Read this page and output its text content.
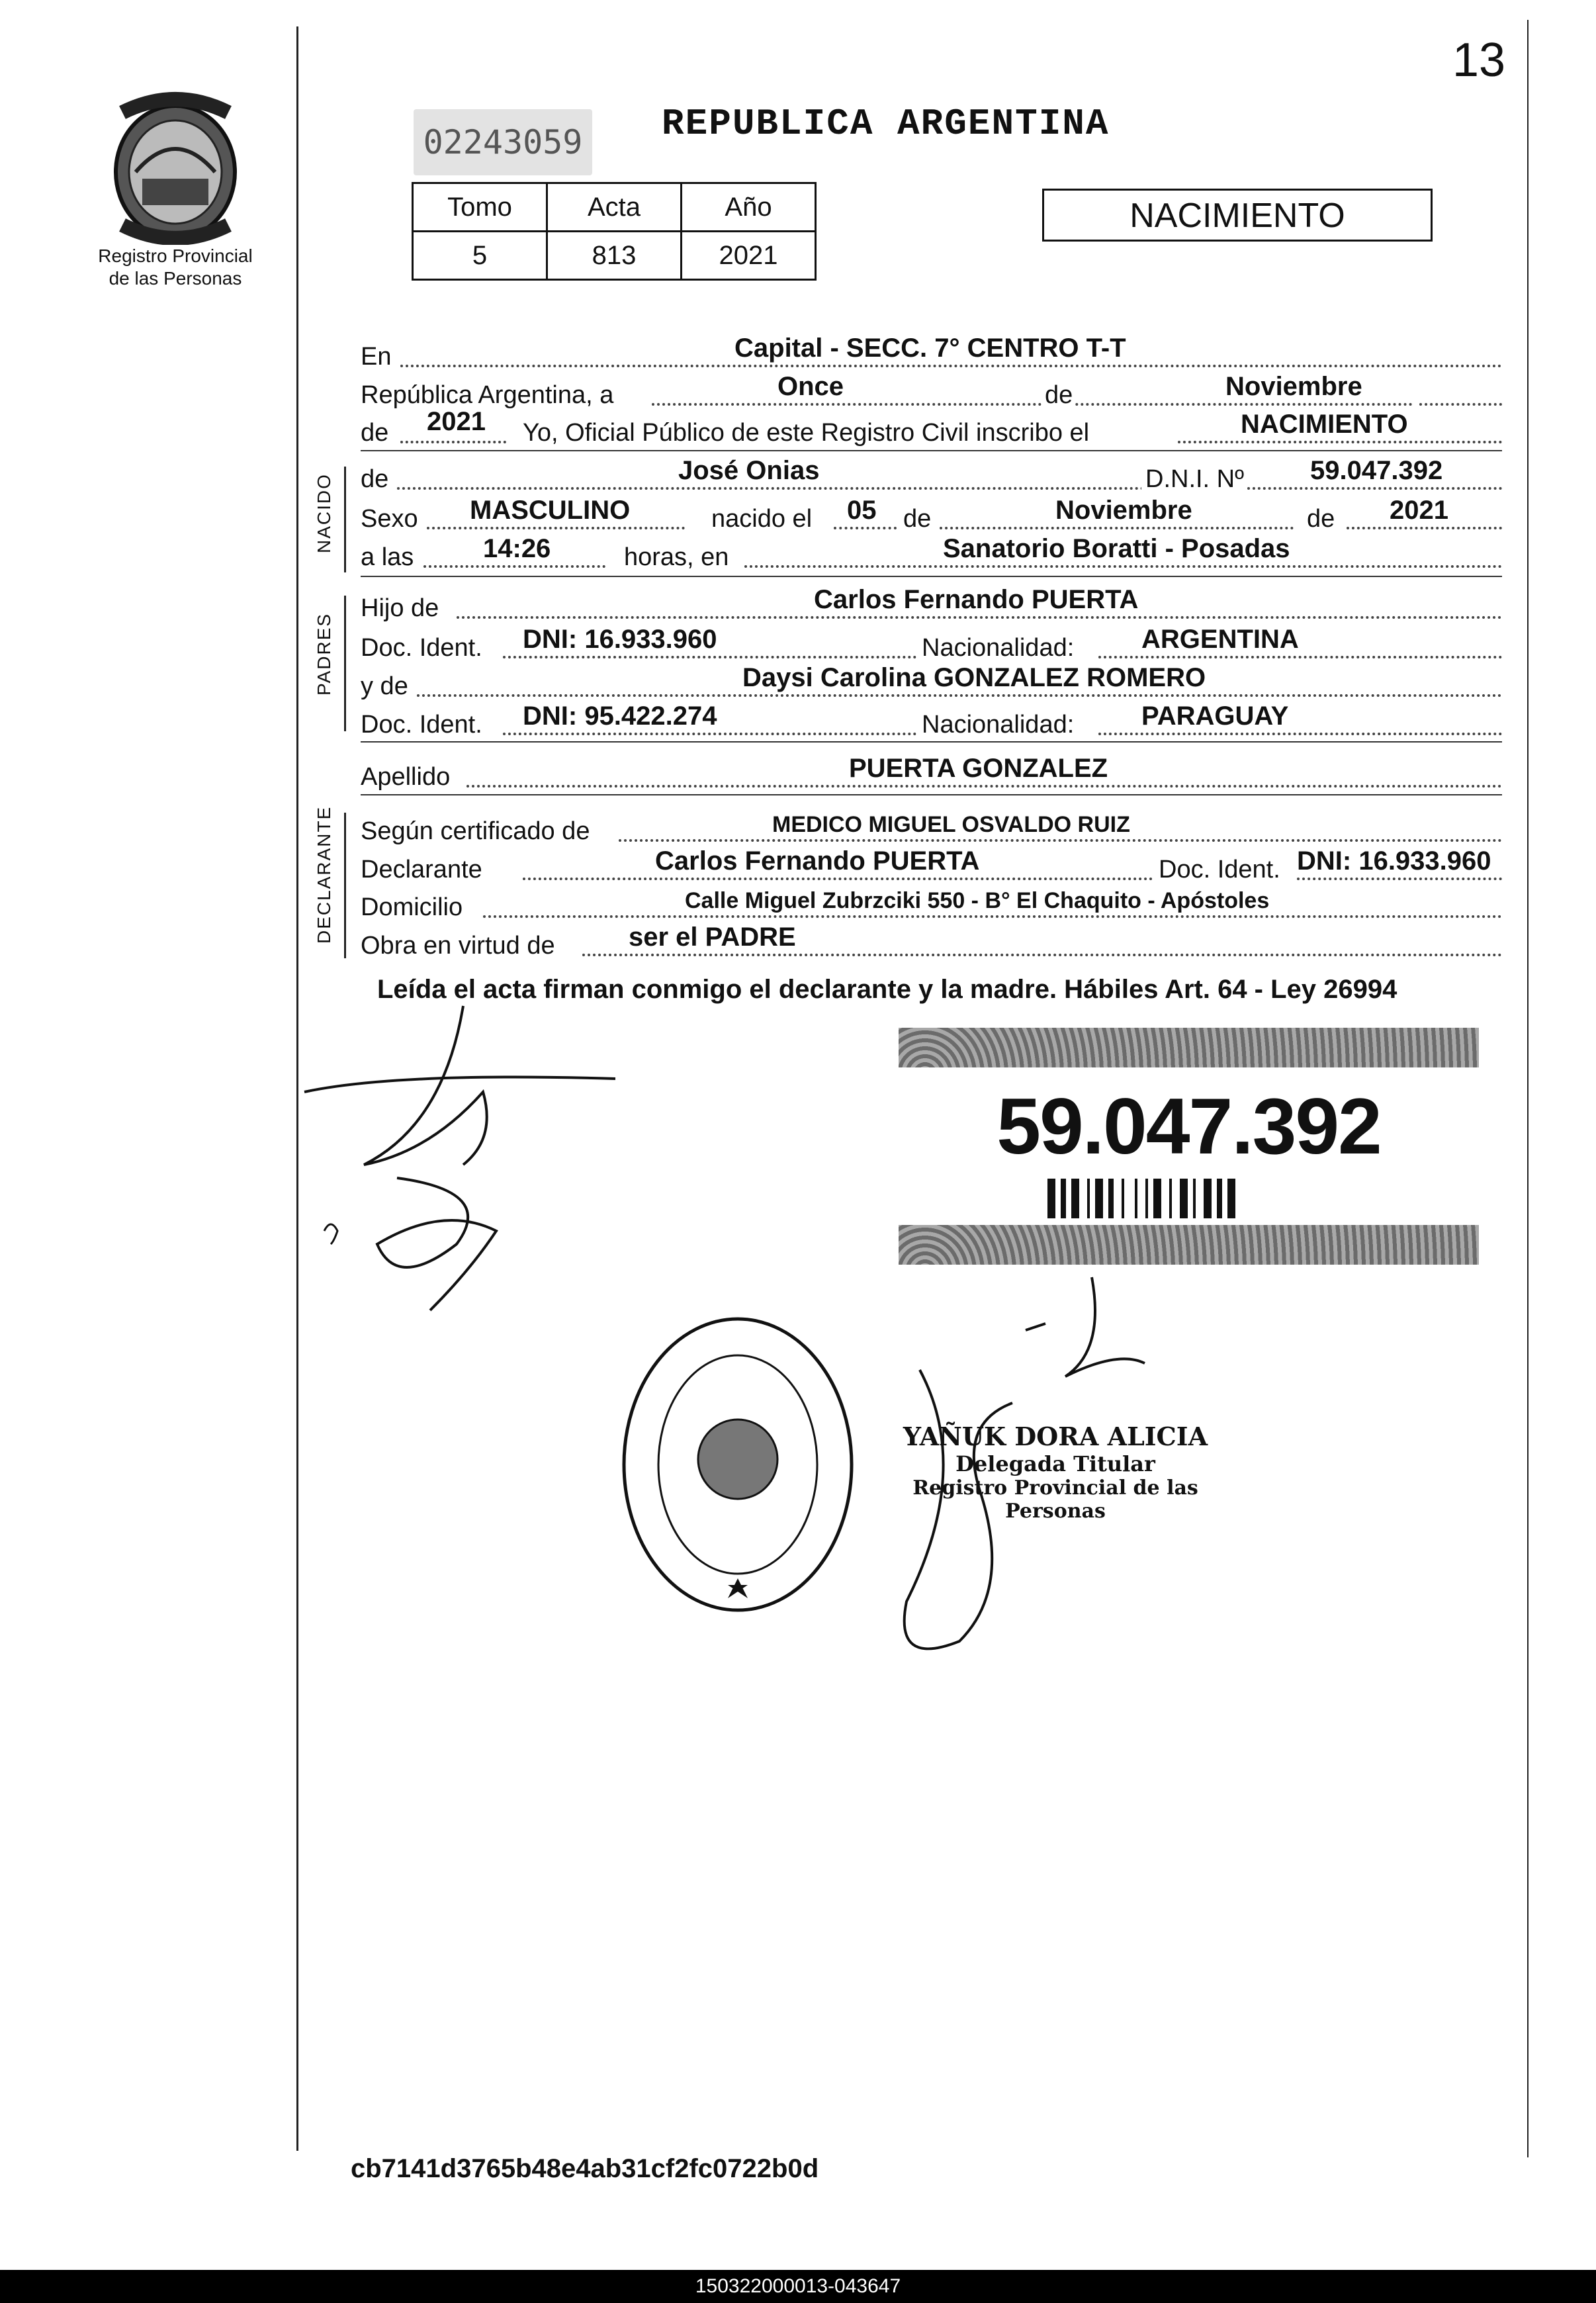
13
Registro Provincial
de las Personas
02243059 REPUBLICA ARGENTINA
Tomo	Acta	Año
5	813	2021
NACIMIENTO
En	Capital - SECC. 7° CENTRO T-T
República Argentina, a	Once	de	Noviembre
de 2021 Yo, Oficial Público de este Registro Civil inscribo el	NACIMIENTO
NACIDO de	José Onias	D.N.I. Nº	59.047.392
Sexo MASCULINO	nacido el 05 de	Noviembre	de 2021
a las	14:26	horas, en	Sanatorio Boratti - Posadas
PADRES
Hijo de	Carlos Fernando PUERTA
Doc. Ident. DNI: 16.933.960	Nacionalidad:	ARGENTINA
y de	Daysi Carolina GONZALEZ ROMERO
Doc. Ident. DNI: 95.422.274	Nacionalidad:	PARAGUAY
Apellido	PUERTA GONZALEZ
DECLARANTE Según certificado de	MEDICO MIGUEL OSVALDO RUIZ
Declarante	Carlos Fernando PUERTA	Doc. Ident. DNI: 16.933.960
Domicilio	Calle Miguel Zubrzciki 550 - B° El Chaquito - Apóstoles
Obra en virtud de	ser el PADRE
Leída el acta firman conmigo el declarante y la madre. Hábiles Art. 64 - Ley 26994
59.047.392
YAÑUK DORA ALICIA
Delegada Titular
Registro Provincial de las Personas
cb7141d3765b48e4ab31cf2fc0722b0d
150322000013-043647
